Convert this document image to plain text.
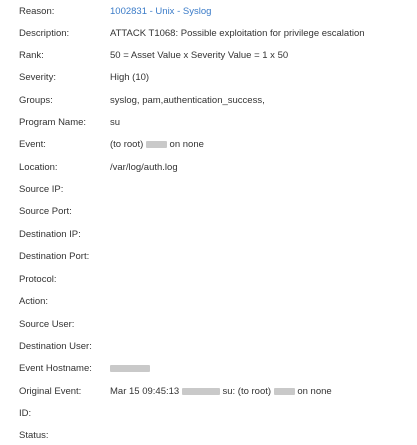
Reason:	1002831 - Unix - Syslog
Description:	ATTACK T1068: Possible exploitation for privilege escalation
Rank:	50 = Asset Value x Severity Value = 1 x 50
Severity:	High (10)
Groups:	syslog, pam,authentication_success,
Program Name:	su
Event:	(to root)	on none
Location:	/var/log/auth.log
Source IP:
Source Port:
Destination IP:
Destination Port:
Protocol:
Action:
Source User:
Destination User:
Event Hostname:
Original Event:	Mar 15 09:45:13	su: (to root)	on none
ID:
Status:
